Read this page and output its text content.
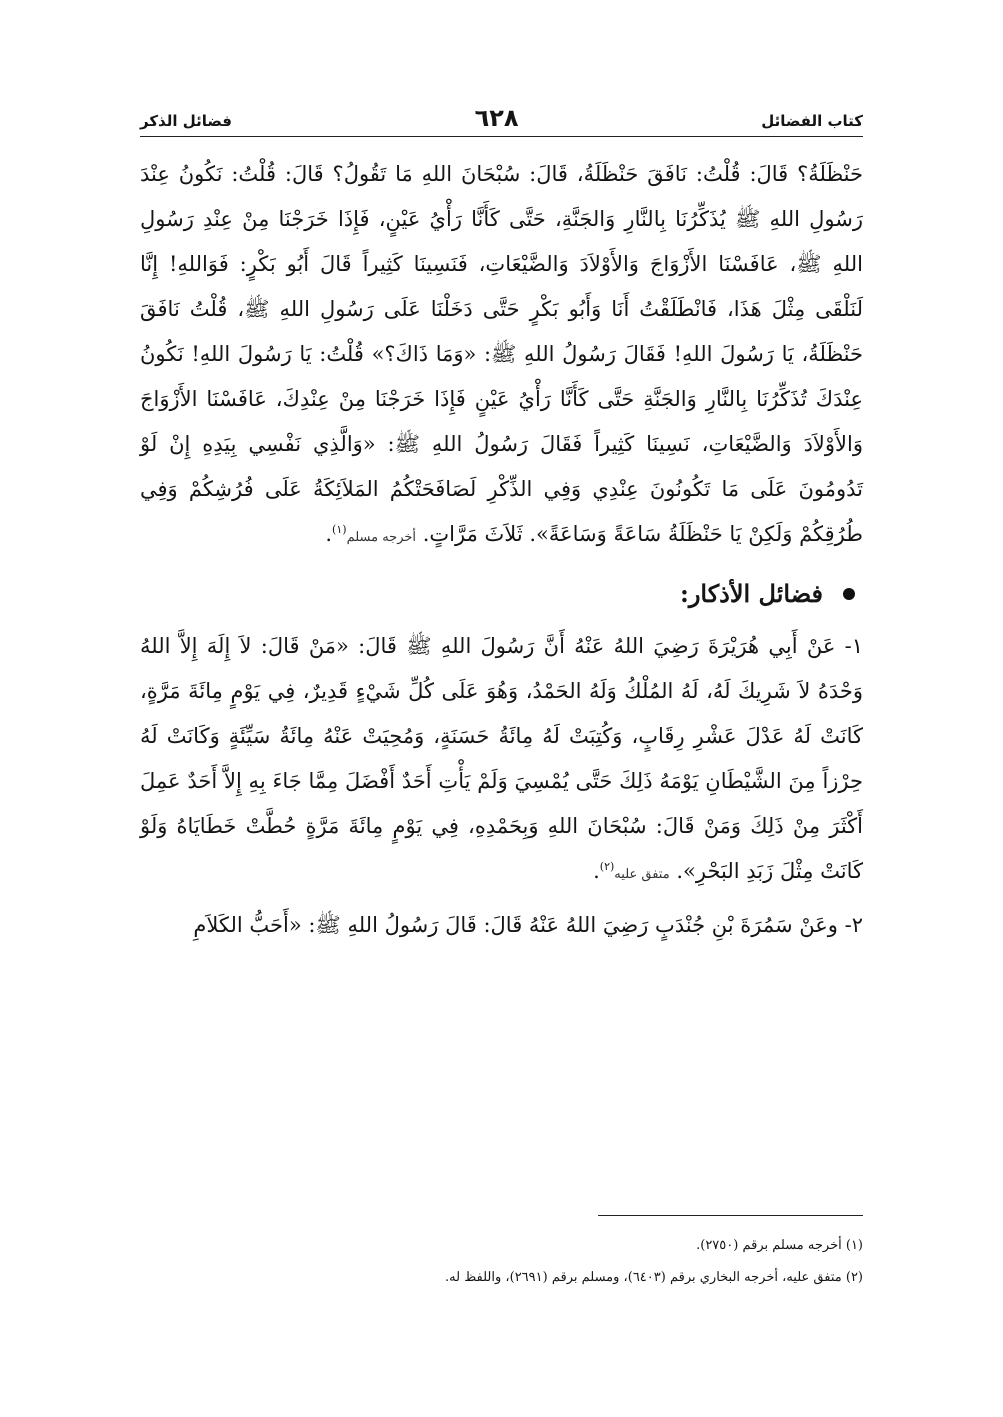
كتاب الفضائل
٦٢٨
فضائل الذكر

حَنْظَلَةُ؟ قَالَ: قُلْتُ: نَافَقَ حَنْظَلَةُ، قَالَ: سُبْحَانَ اللهِ مَا تَقُولُ؟ قَالَ: قُلْتُ: نَكُونُ عِنْدَ رَسُولِ اللهِ ﷺ يُذَكِّرُنَا بِالنَّارِ وَالجَنَّةِ، حَتَّى كَأَنَّا رَأْيُ عَيْنٍ، فَإِذَا خَرَجْنَا مِنْ عِنْدِ رَسُولِ اللهِ ﷺ، عَافَسْنَا الأَزْوَاجَ وَالأَوْلاَدَ وَالضَّيْعَاتِ، فَنَسِينَا كَثِيراً قَالَ أَبُو بَكْرٍ: فَوَاللهِ! إِنَّا لَنَلْقَى مِثْلَ هَذَا، فَانْطَلَقْتُ أَنَا وَأَبُو بَكْرٍ حَتَّى دَخَلْنَا عَلَى رَسُولِ اللهِ ﷺ، قُلْتُ نَافَقَ حَنْظَلَةُ، يَا رَسُولَ اللهِ! فَقَالَ رَسُولُ اللهِ ﷺ: «وَمَا ذَاكَ؟» قُلْتُ: يَا رَسُولَ اللهِ! نَكُونُ عِنْدَكَ تُذَكِّرُنَا بِالنَّارِ وَالجَنَّةِ حَتَّى كَأَنَّا رَأْيُ عَيْنٍ فَإِذَا خَرَجْنَا مِنْ عِنْدِكَ، عَافَسْنَا الأَزْوَاجَ وَالأَوْلاَدَ وَالضَّيْعَاتِ، نَسِينَا كَثِيراً فَقَالَ رَسُولُ اللهِ ﷺ: «وَالَّذِي نَفْسِي بِيَدِهِ إِنْ لَوْ تَدُومُونَ عَلَى مَا تَكُونُونَ عِنْدِي وَفِي الذِّكْرِ لَصَافَحَتْكُمُ المَلاَئِكَةُ عَلَى فُرُشِكُمْ وَفِي طُرُقِكُمْ وَلَكِنْ يَا حَنْظَلَةُ سَاعَةً وَسَاعَةً». ثَلاَثَ مَرَّاتٍ. أخرجه مسلم$^{(١)}$.

فضائل الأذكار:

١- عَنْ أَبِي هُرَيْرَةَ رَضِيَ اللهُ عَنْهُ أَنَّ رَسُولَ اللهِ ﷺ قَالَ: «مَنْ قَالَ: لاَ إِلَهَ إِلاَّ اللهُ وَحْدَهُ لاَ شَرِيكَ لَهُ، لَهُ المُلْكُ وَلَهُ الحَمْدُ، وَهُوَ عَلَى كُلِّ شَيْءٍ قَدِيرٌ، فِي يَوْمٍ مِائَةَ مَرَّةٍ، كَانَتْ لَهُ عَدْلَ عَشْرِ رِقَابٍ، وَكُتِبَتْ لَهُ مِائَةُ حَسَنَةٍ، وَمُحِيَتْ عَنْهُ مِائَةُ سَيِّئَةٍ وَكَانَتْ لَهُ حِرْزاً مِنَ الشَّيْطَانِ يَوْمَهُ ذَلِكَ حَتَّى يُمْسِيَ وَلَمْ يَأْتِ أَحَدٌ أَفْضَلَ مِمَّا جَاءَ بِهِ إِلاَّ أَحَدٌ عَمِلَ أَكْثَرَ مِنْ ذَلِكَ وَمَنْ قَالَ: سُبْحَانَ اللهِ وَبِحَمْدِهِ، فِي يَوْمٍ مِائَةَ مَرَّةٍ حُطَّتْ خَطَايَاهُ وَلَوْ كَانَتْ مِثْلَ زَبَدِ البَحْرِ». متفق عليه$^{(٢)}$.

٢- وعَنْ سَمُرَةَ بْنِ جُنْدَبٍ رَضِيَ اللهُ عَنْهُ قَالَ: قَالَ رَسُولُ اللهِ ﷺ: «أَحَبُّ الكَلاَمِ

(١) أخرجه مسلم برقم (٢٧٥٠).
(٢) متفق عليه، أخرجه البخاري برقم (٦٤٠٣)، ومسلم برقم (٢٦٩١)، واللفظ له.
